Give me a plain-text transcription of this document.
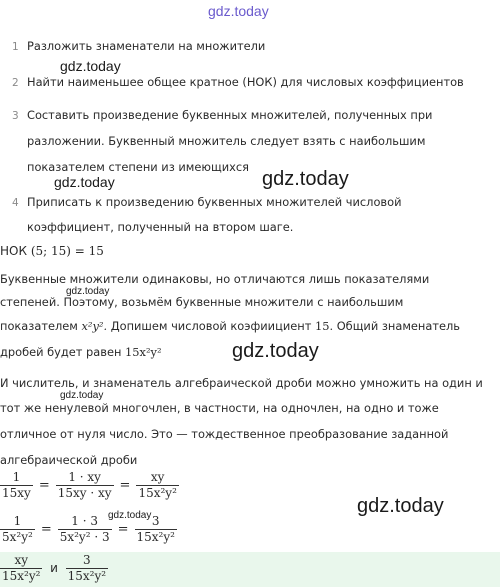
gdz.today
gdz.today
gdz.today	gdz.today
gdz.today
gdz.today
gdz.today
gdz.today
gdz.today
1 Разложить знаменатели на множители
2 Найти наименьшее общее кратное (НОК) для числовых коэффициентов
3 Составить произведение буквенных множителей, полученных при
разложении. Буквенный множитель следует взять с наибольшим
показателем степени из имеющихся
4 Приписать к произведению буквенных множителей числовой
коэффициент, полученный на втором шаге.
НОК (5; 15) = 15
Буквенные множители одинаковы, но отличаются лишь показателями
степеней. Поэтому, возьмём буквенные множители с наибольшим
показателем x²y². Допишем числовой коэфиициент 15. Общий знаменатель
дробей будет равен 15x²y²
И числитель, и знаменатель алгебраической дроби можно умножить на один и
тот же ненулевой многочлен, в частности, на одночлен, на одно и тоже
отличное от нуля число. Это — тождественное преобразование заданной
алгебраической дроби
$\frac{1}{15xy} = \frac{1 \cdot xy}{15xy \cdot xy} = \frac{xy}{\text{15x²y²}}$
$\frac{1}{\text{5x²y²}} = \frac{1 \cdot 3}{\text{5x²y² · 3}} = \frac{3}{\text{15x²y²}}$
$\frac{xy}{\text{15x²y²}}$ и $\frac{3}{\text{15x²y²}}$
